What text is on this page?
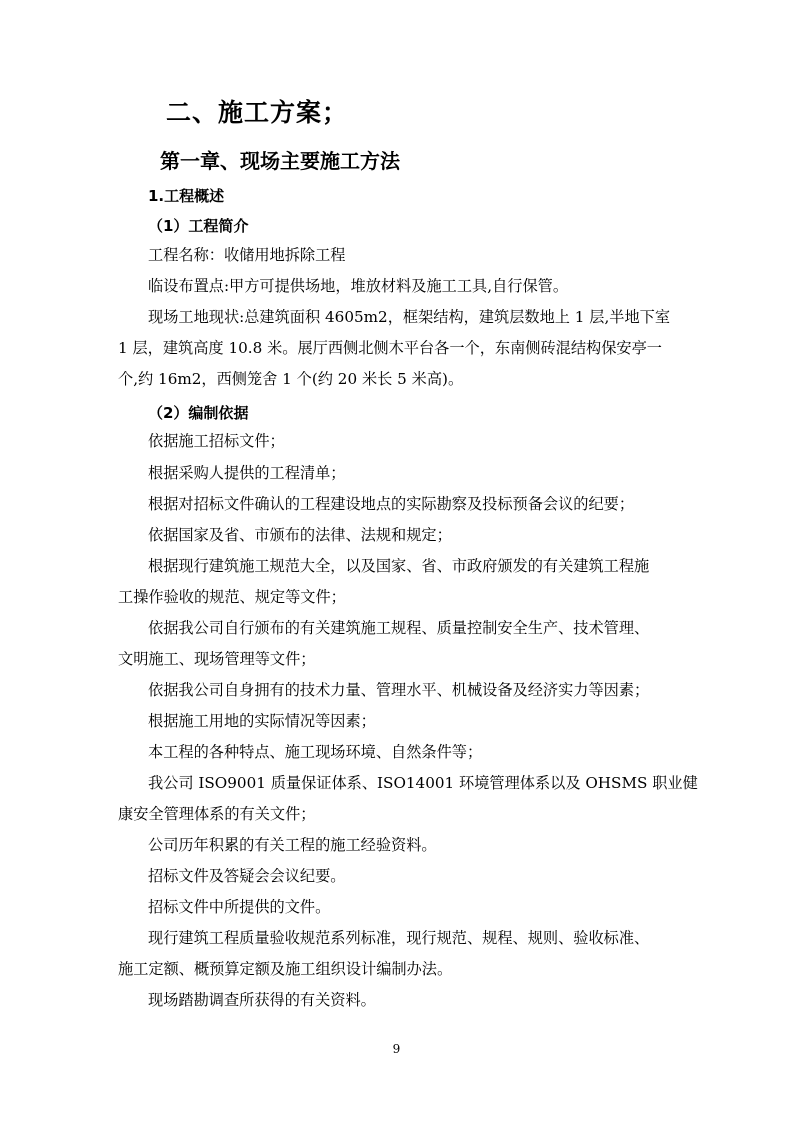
二、施工方案；
第一章、现场主要施工方法
1.工程概述
（1）工程简介
工程名称：收储用地拆除工程
临设布置点:甲方可提供场地，堆放材料及施工工具,自行保管。
现场工地现状:总建筑面积 4605m2，框架结构，建筑层数地上 1 层,半地下室
1 层，建筑高度 10.8 米。展厅西侧北侧木平台各一个，东南侧砖混结构保安亭一
个,约 16m2，西侧笼舍 1 个(约 20 米长 5 米高)。
（2）编制依据
依据施工招标文件；
根据采购人提供的工程清单；
根据对招标文件确认的工程建设地点的实际勘察及投标预备会议的纪要；
依据国家及省、市颁布的法律、法规和规定；
根据现行建筑施工规范大全，以及国家、省、市政府颁发的有关建筑工程施
工操作验收的规范、规定等文件；
依据我公司自行颁布的有关建筑施工规程、质量控制安全生产、技术管理、
文明施工、现场管理等文件；
依据我公司自身拥有的技术力量、管理水平、机械设备及经济实力等因素；
根据施工用地的实际情况等因素；
本工程的各种特点、施工现场环境、自然条件等；
我公司 ISO9001 质量保证体系、ISO14001 环境管理体系以及 OHSMS 职业健
康安全管理体系的有关文件；
公司历年积累的有关工程的施工经验资料。
招标文件及答疑会会议纪要。
招标文件中所提供的文件。
现行建筑工程质量验收规范系列标准，现行规范、规程、规则、验收标准、
施工定额、概预算定额及施工组织设计编制办法。
现场踏勘调查所获得的有关资料。
9
